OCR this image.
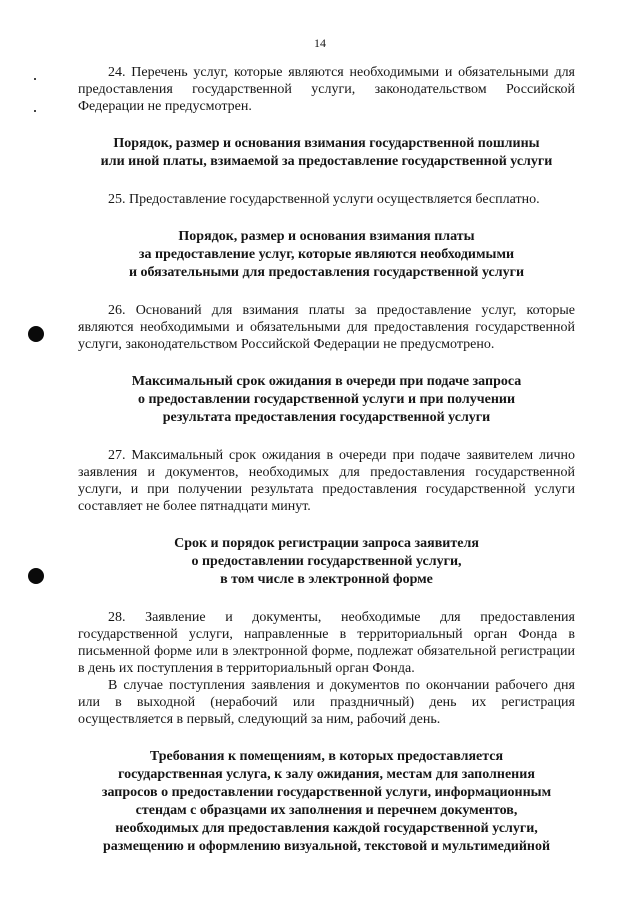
14

24. Перечень услуг, которые являются необходимыми и обязательными для предоставления государственной услуги, законодательством Российской Федерации не предусмотрен.

Порядок, размер и основания взимания государственной пошлины
или иной платы, взимаемой за предоставление государственной услуги

25. Предоставление государственной услуги осуществляется бесплатно.

Порядок, размер и основания взимания платы
за предоставление услуг, которые являются необходимыми
и обязательными для предоставления государственной услуги

26. Оснований для взимания платы за предоставление услуг, которые являются необходимыми и обязательными для предоставления государственной услуги, законодательством Российской Федерации не предусмотрено.

Максимальный срок ожидания в очереди при подаче запроса
о предоставлении государственной услуги и при получении
результата предоставления государственной услуги

27. Максимальный срок ожидания в очереди при подаче заявителем лично заявления и документов, необходимых для предоставления государственной услуги, и при получении результата предоставления государственной услуги составляет не более пятнадцати минут.

Срок и порядок регистрации запроса заявителя
о предоставлении государственной услуги,
в том числе в электронной форме

28. Заявление и документы, необходимые для предоставления государственной услуги, направленные в территориальный орган Фонда в письменной форме или в электронной форме, подлежат обязательной регистрации в день их поступления в территориальный орган Фонда.

В случае поступления заявления и документов по окончании рабочего дня или в выходной (нерабочий или праздничный) день их регистрация осуществляется в первый, следующий за ним, рабочий день.

Требования к помещениям, в которых предоставляется
государственная услуга, к залу ожидания, местам для заполнения
запросов о предоставлении государственной услуги, информационным
стендам с образцами их заполнения и перечнем документов,
необходимых для предоставления каждой государственной услуги,
размещению и оформлению визуальной, текстовой и мультимедийной
